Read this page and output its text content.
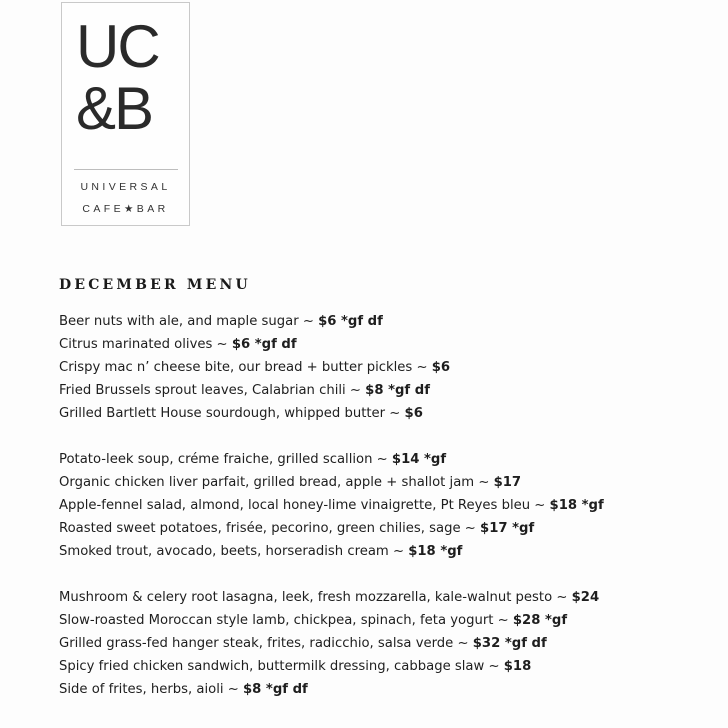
UC
&B
UNIVERSAL
CAFE★BAR
DECEMBER MENU
Beer nuts with ale, and maple sugar ~ $6 *gf df
Citrus marinated olives ~ $6 *gf df
Crispy mac n’ cheese bite, our bread + butter pickles ~ $6
Fried Brussels sprout leaves, Calabrian chili ~ $8 *gf df
Grilled Bartlett House sourdough, whipped butter ~ $6
Potato-leek soup, créme fraiche, grilled scallion ~ $14 *gf
Organic chicken liver parfait, grilled bread, apple + shallot jam ~ $17
Apple-fennel salad, almond, local honey-lime vinaigrette, Pt Reyes bleu ~ $18 *gf
Roasted sweet potatoes, frisée, pecorino, green chilies, sage ~ $17 *gf
Smoked trout, avocado, beets, horseradish cream ~ $18 *gf
Mushroom & celery root lasagna, leek, fresh mozzarella, kale-walnut pesto ~ $24
Slow-roasted Moroccan style lamb, chickpea, spinach, feta yogurt ~ $28 *gf
Grilled grass-fed hanger steak, frites, radicchio, salsa verde ~ $32 *gf df
Spicy fried chicken sandwich, buttermilk dressing, cabbage slaw ~ $18
Side of frites, herbs, aioli ~ $8 *gf df
